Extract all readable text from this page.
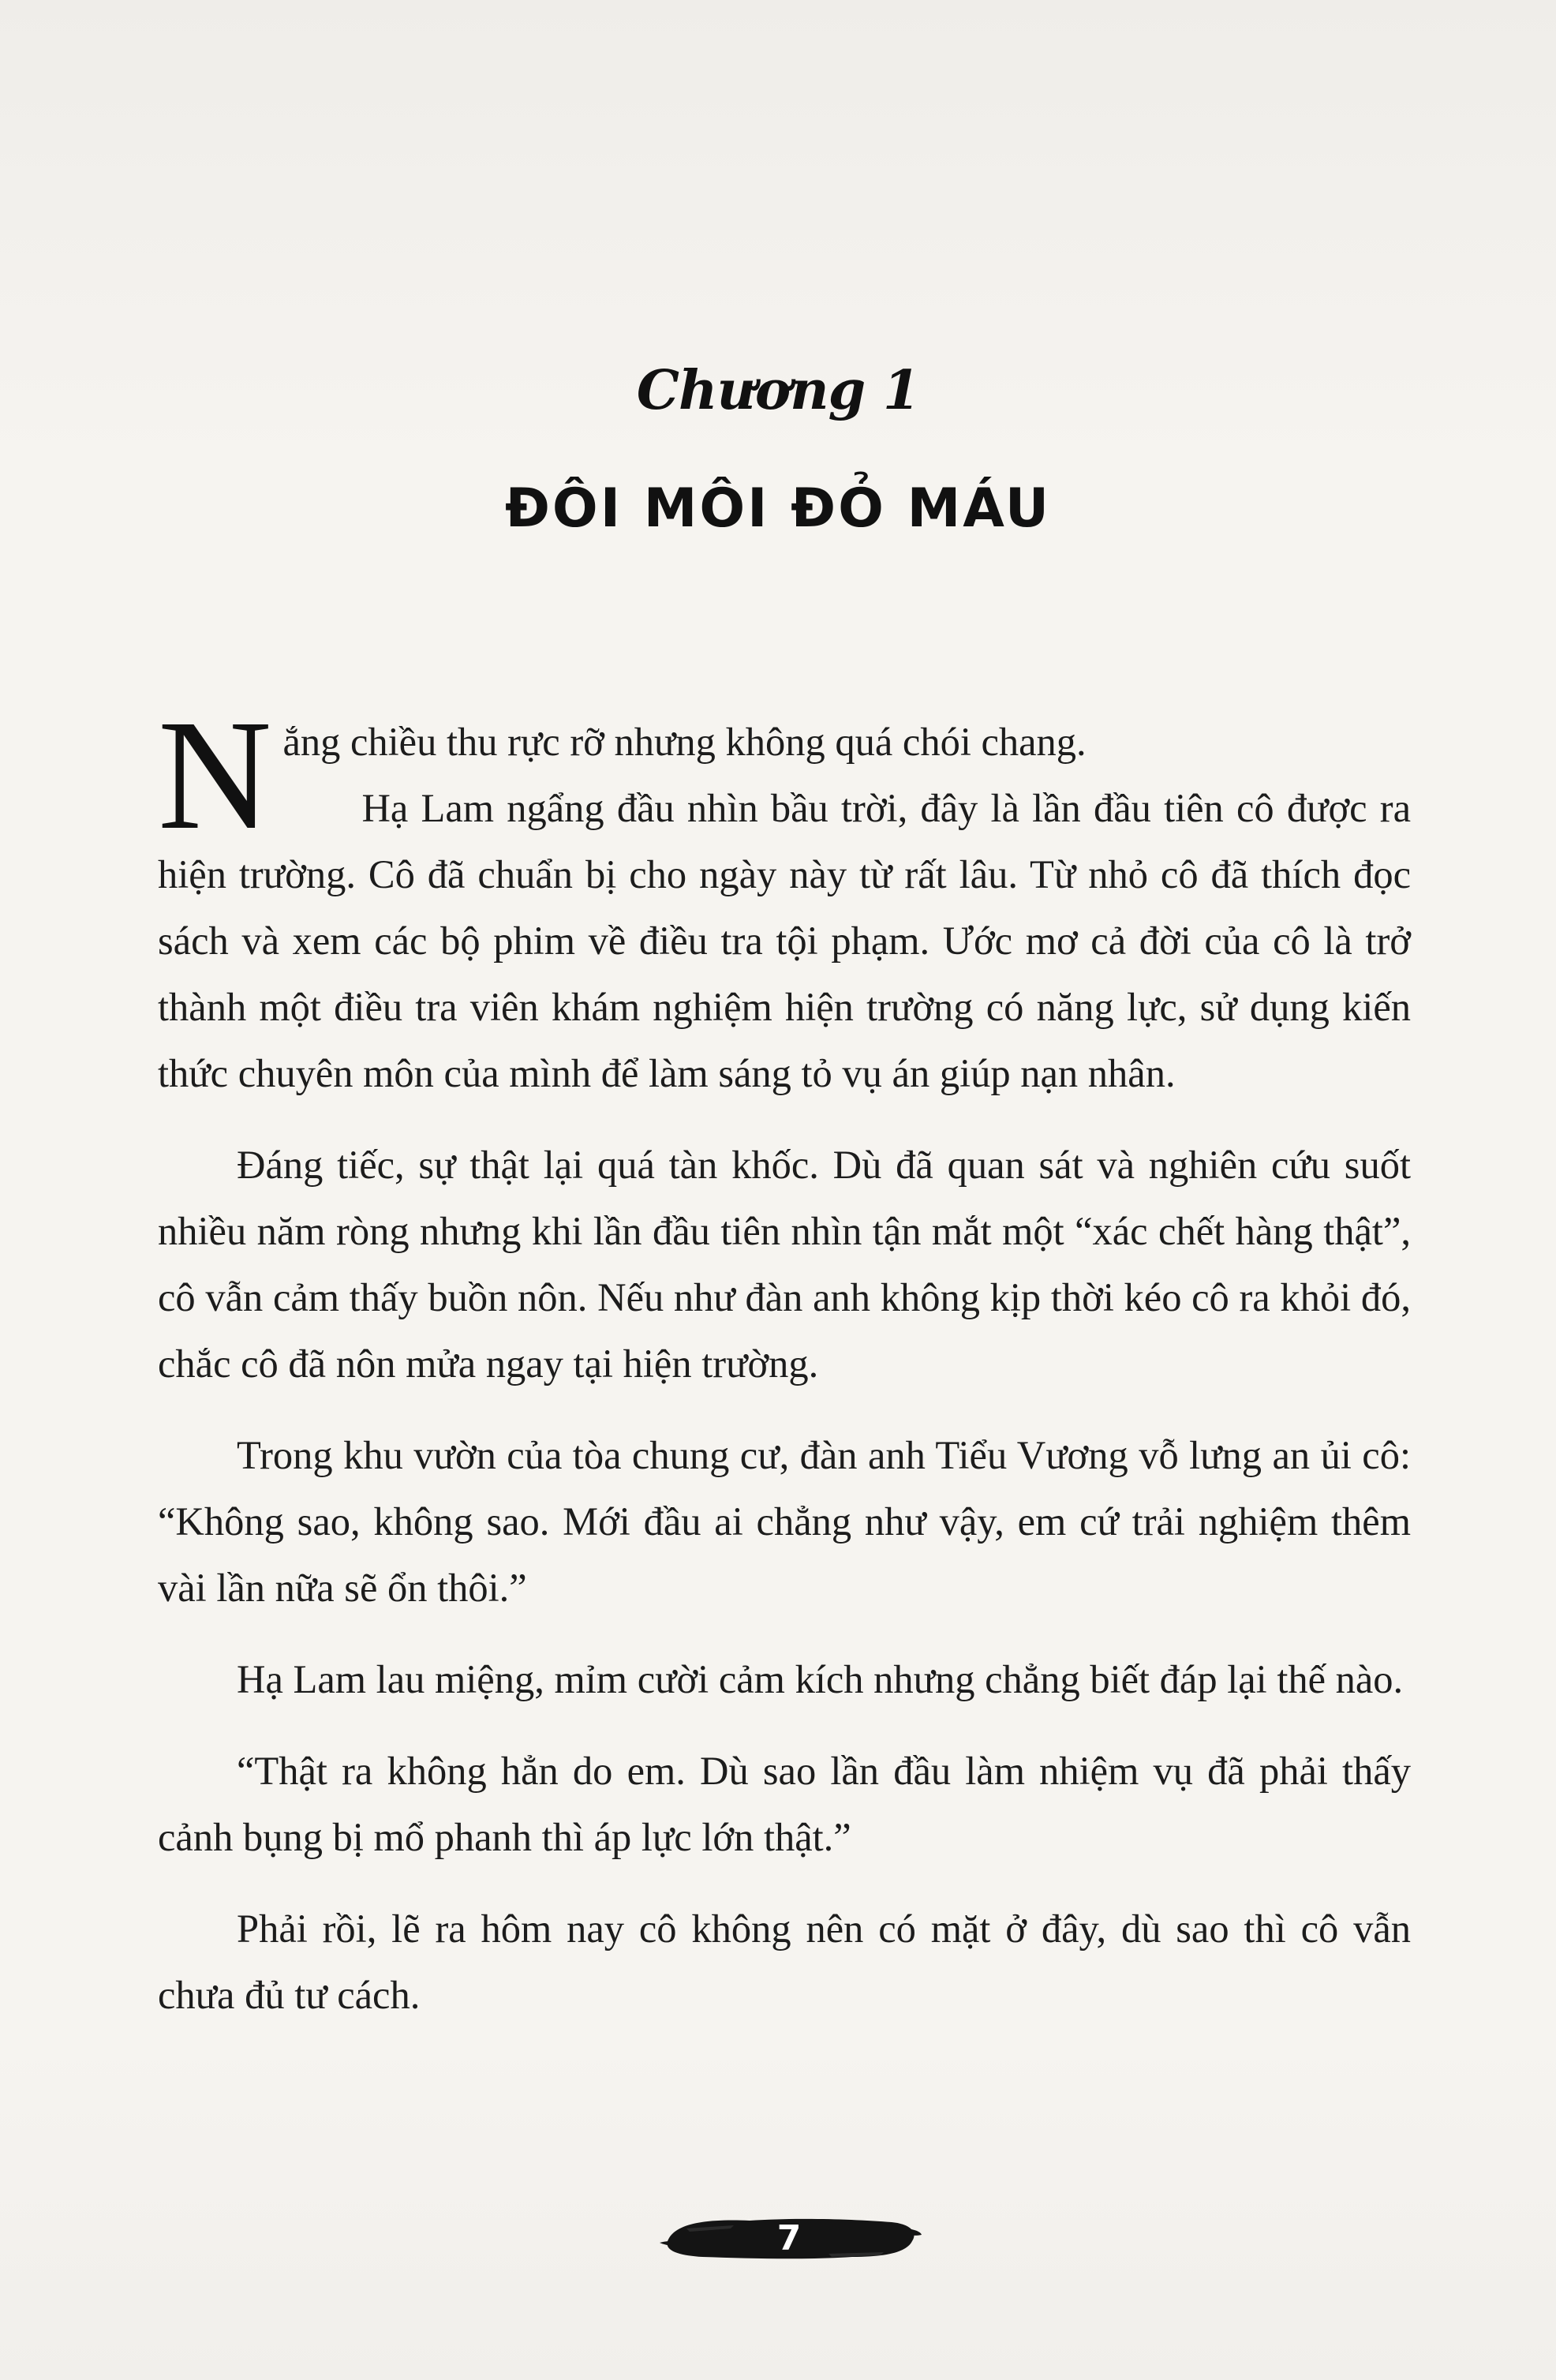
Chương 1
ĐÔI MÔI ĐỎ MÁU

Nắng chiều thu rực rỡ nhưng không quá chói chang.

Hạ Lam ngẩng đầu nhìn bầu trời, đây là lần đầu tiên cô được ra hiện trường. Cô đã chuẩn bị cho ngày này từ rất lâu. Từ nhỏ cô đã thích đọc sách và xem các bộ phim về điều tra tội phạm. Ước mơ cả đời của cô là trở thành một điều tra viên khám nghiệm hiện trường có năng lực, sử dụng kiến thức chuyên môn của mình để làm sáng tỏ vụ án giúp nạn nhân.

Đáng tiếc, sự thật lại quá tàn khốc. Dù đã quan sát và nghiên cứu suốt nhiều năm ròng nhưng khi lần đầu tiên nhìn tận mắt một “xác chết hàng thật”, cô vẫn cảm thấy buồn nôn. Nếu như đàn anh không kịp thời kéo cô ra khỏi đó, chắc cô đã nôn mửa ngay tại hiện trường.

Trong khu vườn của tòa chung cư, đàn anh Tiểu Vương vỗ lưng an ủi cô: “Không sao, không sao. Mới đầu ai chẳng như vậy, em cứ trải nghiệm thêm vài lần nữa sẽ ổn thôi.”

Hạ Lam lau miệng, mỉm cười cảm kích nhưng chẳng biết đáp lại thế nào.

“Thật ra không hẳn do em. Dù sao lần đầu làm nhiệm vụ đã phải thấy cảnh bụng bị mổ phanh thì áp lực lớn thật.”

Phải rồi, lẽ ra hôm nay cô không nên có mặt ở đây, dù sao thì cô vẫn chưa đủ tư cách.

7
